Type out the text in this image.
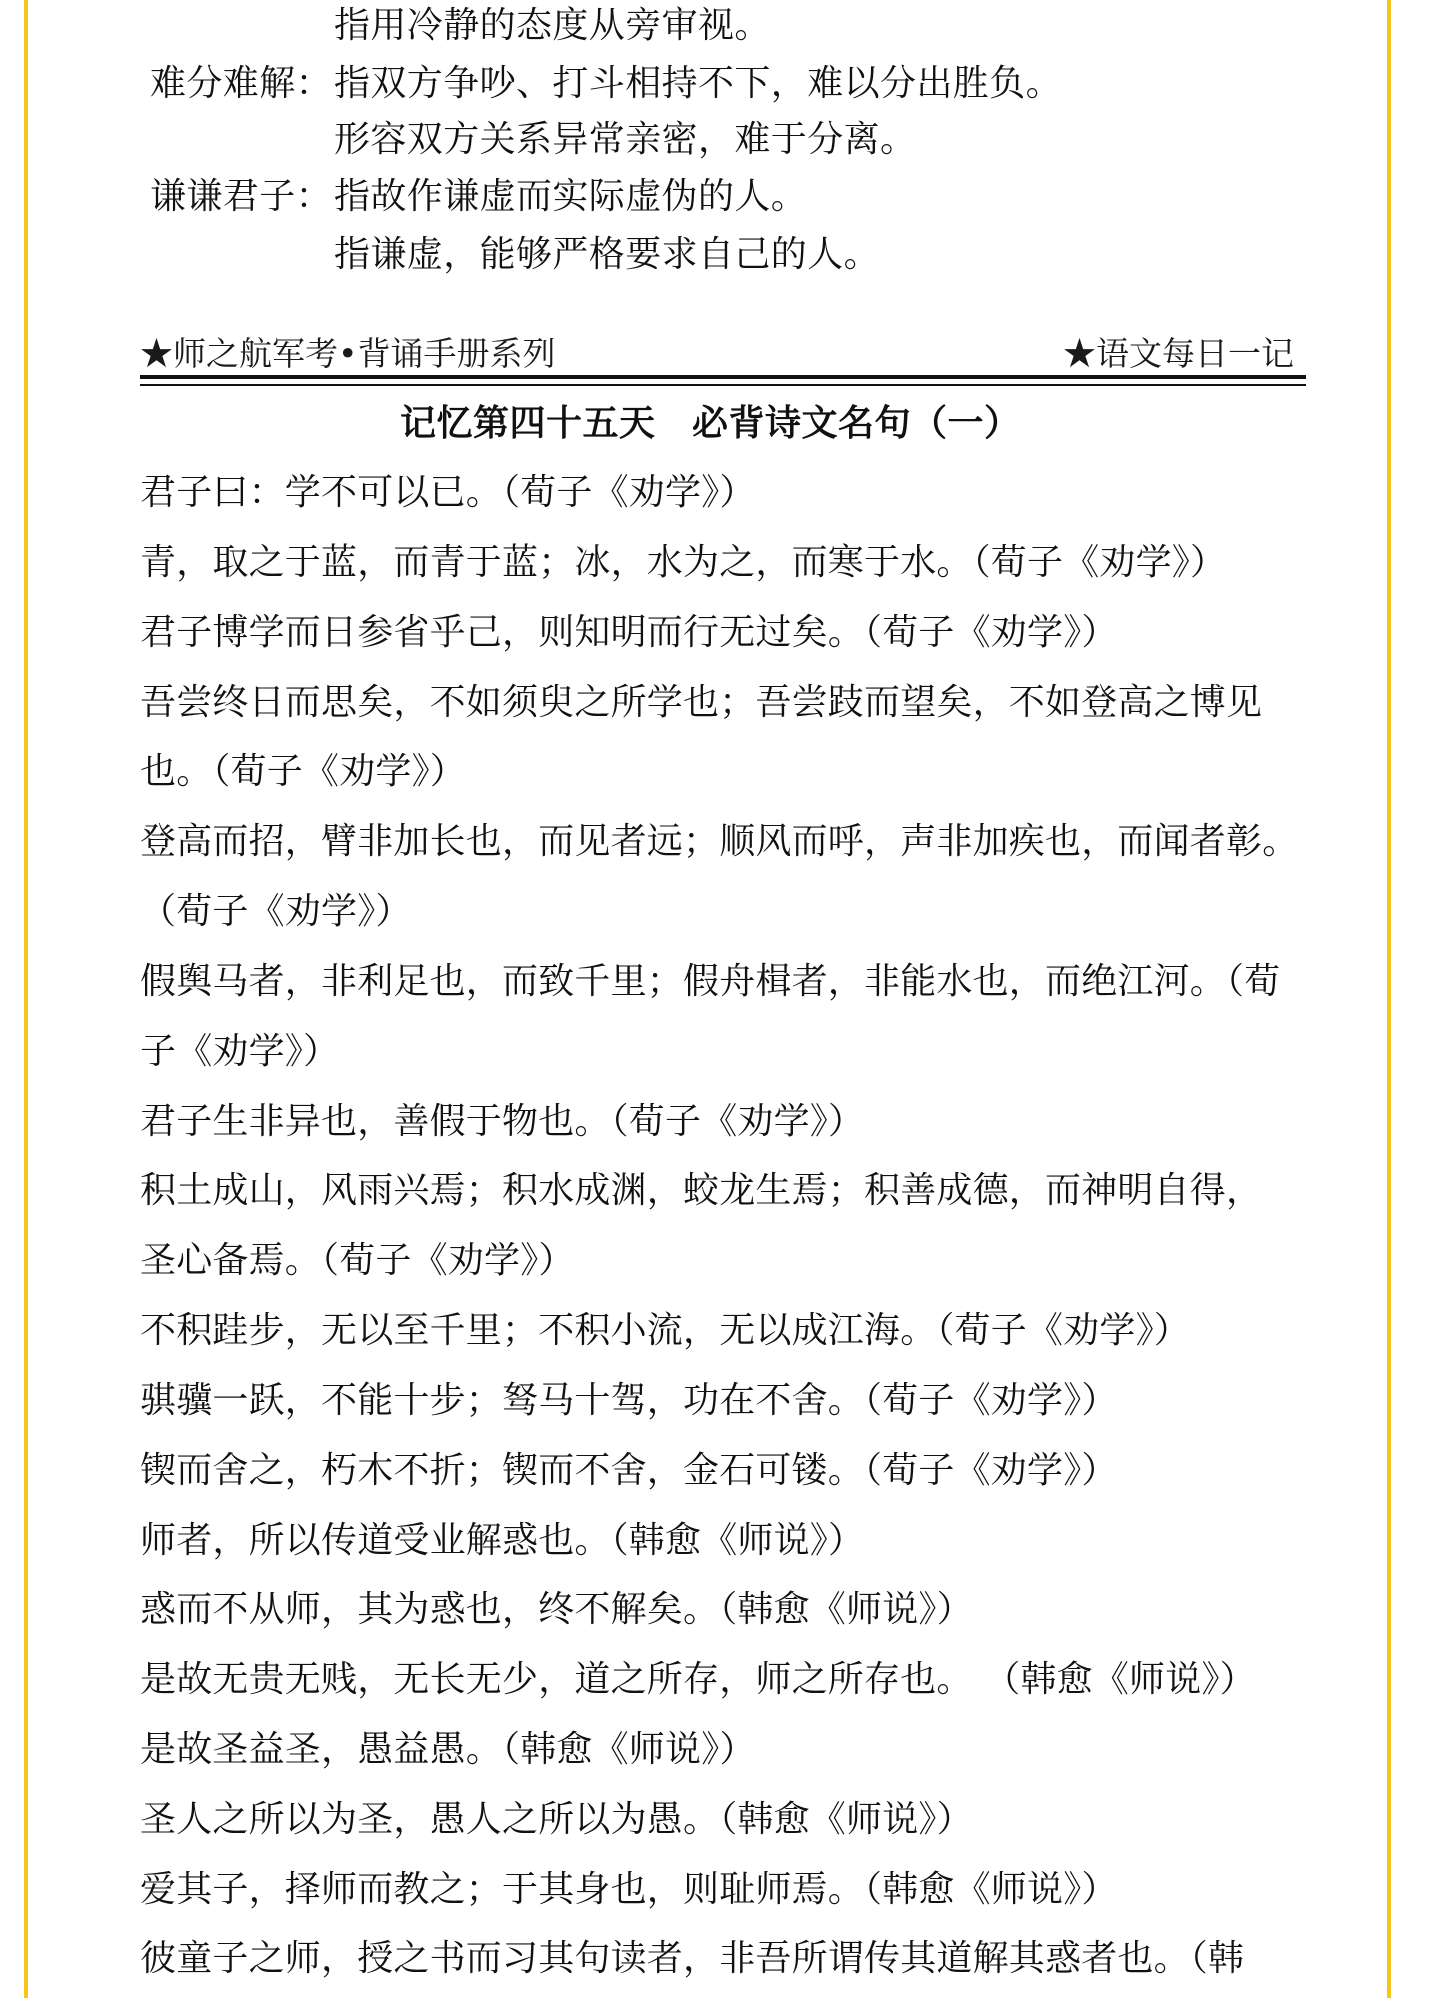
指用冷静的态度从旁审视。
难分难解： 指双方争吵、打斗相持不下，难以分出胜负。
形容双方关系异常亲密，难于分离。
谦谦君子： 指故作谦虚而实际虚伪的人。
指谦虚，能够严格要求自己的人。
★师之航军考•背诵手册系列	★语文每日一记
记忆第四十五天　必背诗文名句（一）
君子曰：学不可以已。（荀子《劝学》）
青，取之于蓝，而青于蓝；冰，水为之，而寒于水。（荀子《劝学》）
君子博学而日参省乎己，则知明而行无过矣。（荀子《劝学》）
吾尝终日而思矣，不如须臾之所学也；吾尝跂而望矣，不如登高之博见
也。（荀子《劝学》）
登高而招，臂非加长也，而见者远；顺风而呼，声非加疾也，而闻者彰。
（荀子《劝学》）
假舆马者，非利足也，而致千里；假舟楫者，非能水也，而绝江河。（荀
子《劝学》）
君子生非异也，善假于物也。（荀子《劝学》）
积土成山，风雨兴焉；积水成渊，蛟龙生焉；积善成德，而神明自得，
圣心备焉。（荀子《劝学》）
不积跬步，无以至千里；不积小流，无以成江海。（荀子《劝学》）
骐骥一跃，不能十步；驽马十驾，功在不舍。（荀子《劝学》）
锲而舍之，朽木不折；锲而不舍，金石可镂。（荀子《劝学》）
师者，所以传道受业解惑也。（韩愈《师说》）
惑而不从师，其为惑也，终不解矣。（韩愈《师说》）
是故无贵无贱，无长无少，道之所存，师之所存也。 （韩愈《师说》）
是故圣益圣，愚益愚。（韩愈《师说》）
圣人之所以为圣，愚人之所以为愚。（韩愈《师说》）
爱其子，择师而教之；于其身也，则耻师焉。（韩愈《师说》）
彼童子之师，授之书而习其句读者，非吾所谓传其道解其惑者也。（韩
